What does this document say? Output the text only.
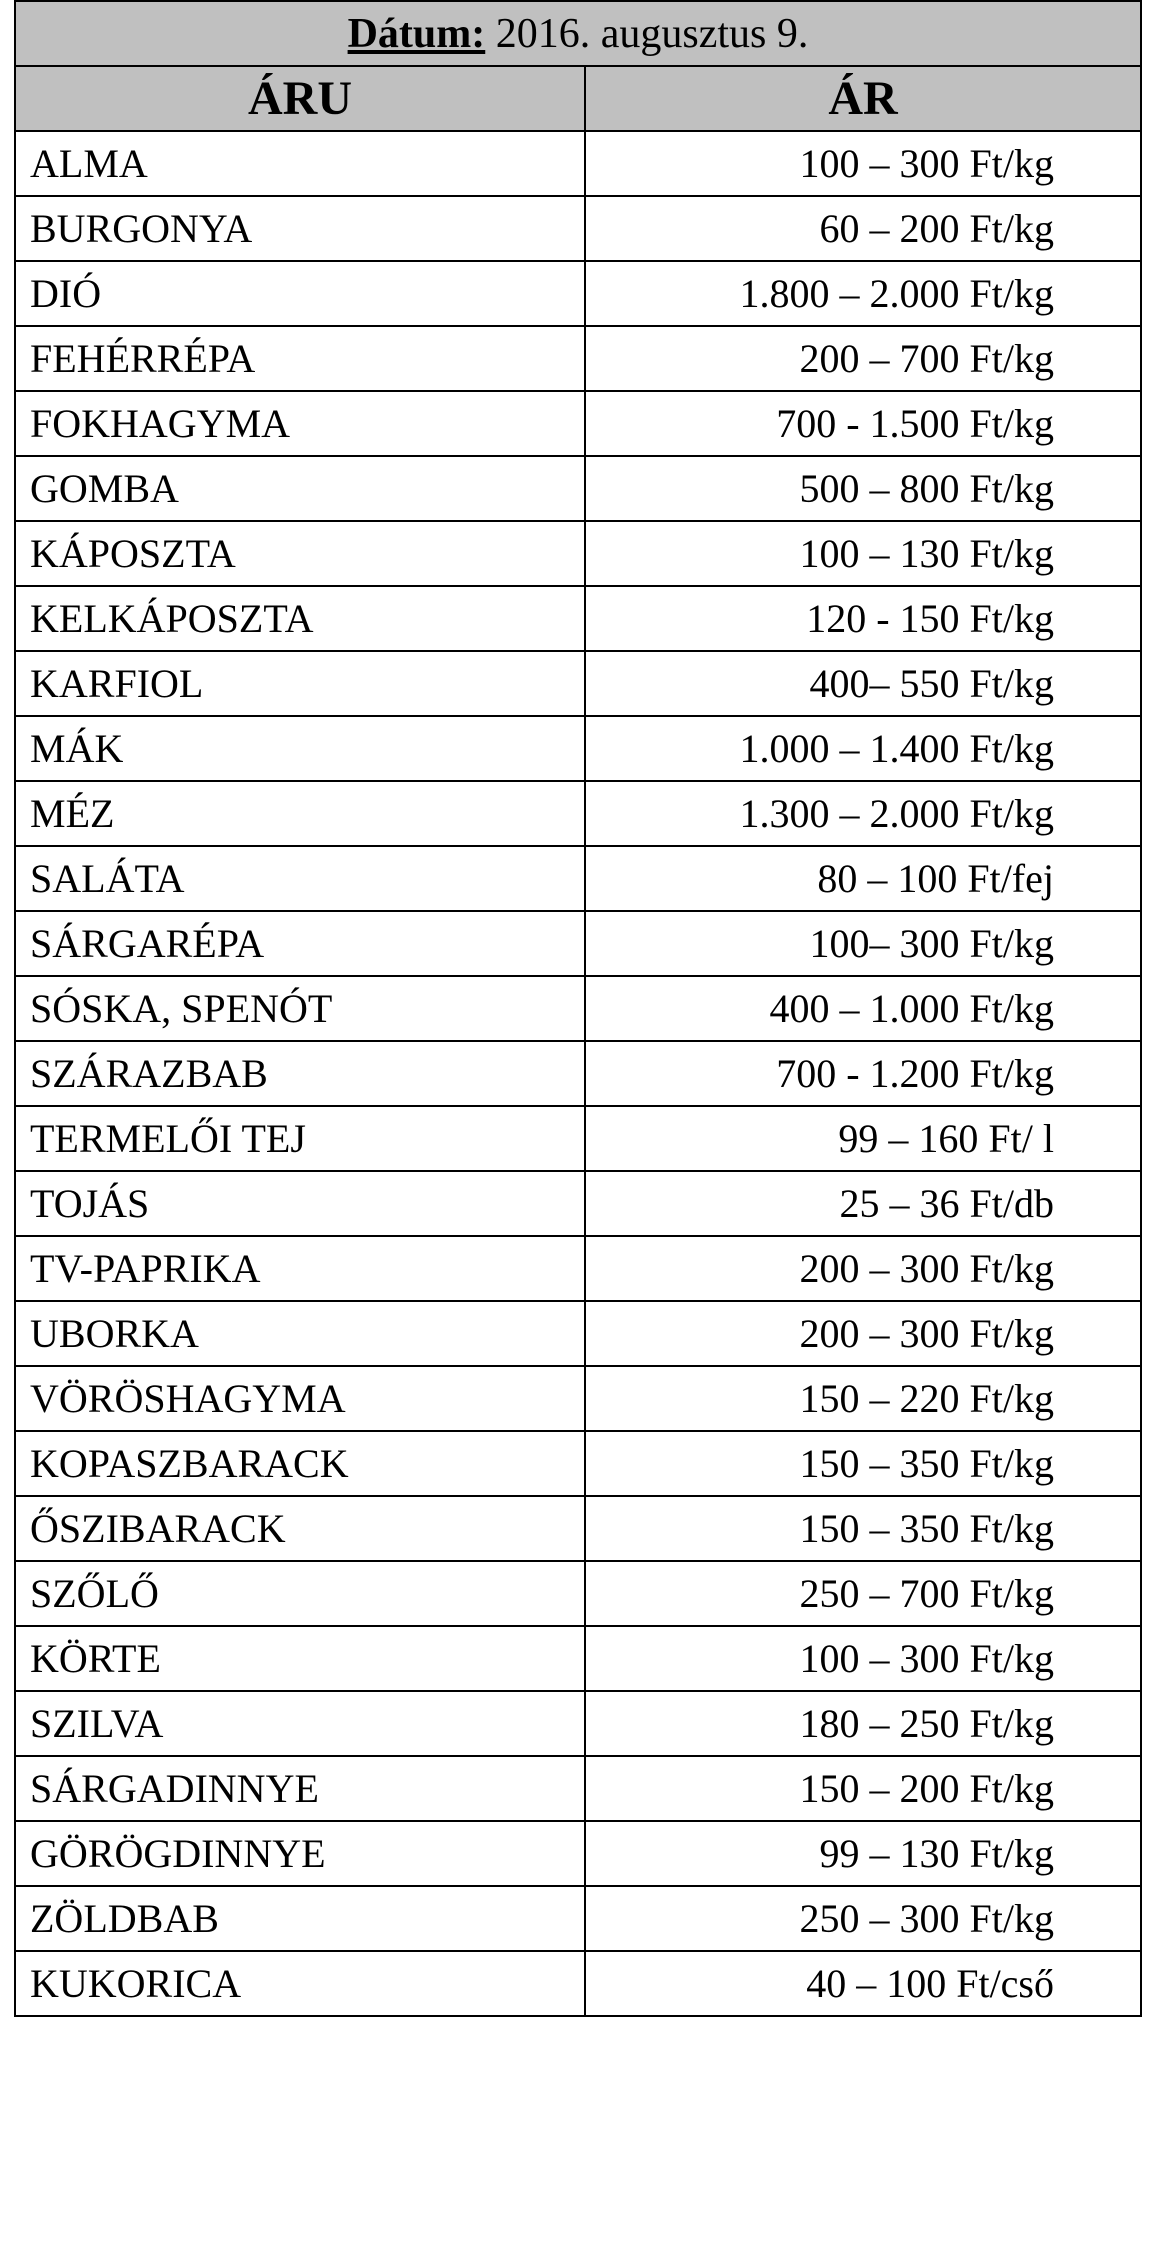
Dátum: 2016. augusztus 9.	
ÁRU	ÁR
ALMA	100 – 300 Ft/kg
BURGONYA	60 – 200 Ft/kg
DIÓ	1.800 – 2.000 Ft/kg
FEHÉRRÉPA	200 – 700 Ft/kg
FOKHAGYMA	700 - 1.500 Ft/kg
GOMBA	500 – 800 Ft/kg
KÁPOSZTA	100 – 130 Ft/kg
KELKÁPOSZTA	120 - 150 Ft/kg
KARFIOL	400– 550 Ft/kg
MÁK	1.000 – 1.400 Ft/kg
MÉZ	1.300 – 2.000 Ft/kg
SALÁTA	80 – 100 Ft/fej
SÁRGARÉPA	100– 300 Ft/kg
SÓSKA, SPENÓT	400 – 1.000 Ft/kg
SZÁRAZBAB	700 - 1.200 Ft/kg
TERMELŐI TEJ	99 – 160 Ft/ l
TOJÁS	25 – 36 Ft/db
TV-PAPRIKA	200 – 300 Ft/kg
UBORKA	200 – 300 Ft/kg
VÖRÖSHAGYMA	150 – 220 Ft/kg
KOPASZBARACK	150 – 350 Ft/kg
ŐSZIBARACK	150 – 350 Ft/kg
SZŐLŐ	250 – 700 Ft/kg
KÖRTE	100 – 300 Ft/kg
SZILVA	180 – 250 Ft/kg
SÁRGADINNYE	150 – 200 Ft/kg
GÖRÖGDINNYE	99 – 130 Ft/kg
ZÖLDBAB	250 – 300 Ft/kg
KUKORICA	40 – 100 Ft/cső
